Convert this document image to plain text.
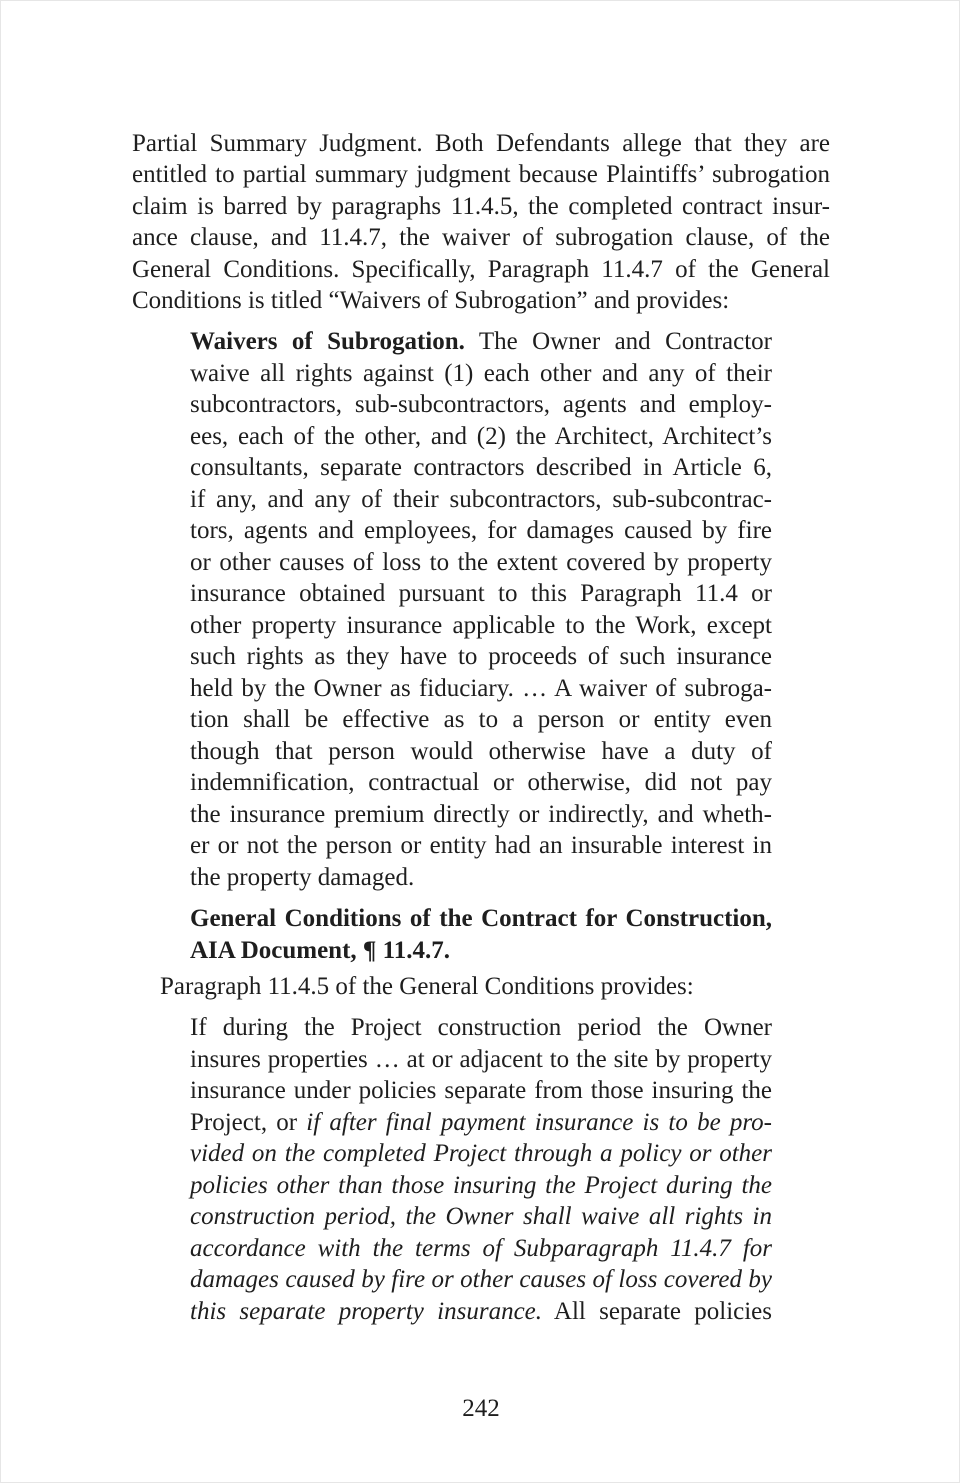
Partial Summary Judgment. Both Defendants allege that they are
entitled to partial summary judgment because Plaintiffs’ subrogation
claim is barred by paragraphs 11.4.5, the completed contract insur-
ance clause, and 11.4.7, the waiver of subrogation clause, of the
General Conditions. Specifically, Paragraph 11.4.7 of the General
Conditions is titled “Waivers of Subrogation” and provides:
Waivers of Subrogation. The Owner and Contractor
waive all rights against (1) each other and any of their
subcontractors, sub-subcontractors, agents and employ-
ees, each of the other, and (2) the Architect, Architect’s
consultants, separate contractors described in Article 6,
if any, and any of their subcontractors, sub-subcontrac-
tors, agents and employees, for damages caused by fire
or other causes of loss to the extent covered by property
insurance obtained pursuant to this Paragraph 11.4 or
other property insurance applicable to the Work, except
such rights as they have to proceeds of such insurance
held by the Owner as fiduciary. … A waiver of subroga-
tion shall be effective as to a person or entity even
though that person would otherwise have a duty of
indemnification, contractual or otherwise, did not pay
the insurance premium directly or indirectly, and wheth-
er or not the person or entity had an insurable interest in
the property damaged.
General Conditions of the Contract for Construction,
AIA Document, ¶ 11.4.7.
Paragraph 11.4.5 of the General Conditions provides:
If during the Project construction period the Owner
insures properties … at or adjacent to the site by property
insurance under policies separate from those insuring the
Project, or if after final payment insurance is to be pro-
vided on the completed Project through a policy or other
policies other than those insuring the Project during the
construction period, the Owner shall waive all rights in
accordance with the terms of Subparagraph 11.4.7 for
damages caused by fire or other causes of loss covered by
this separate property insurance. All separate policies
242
